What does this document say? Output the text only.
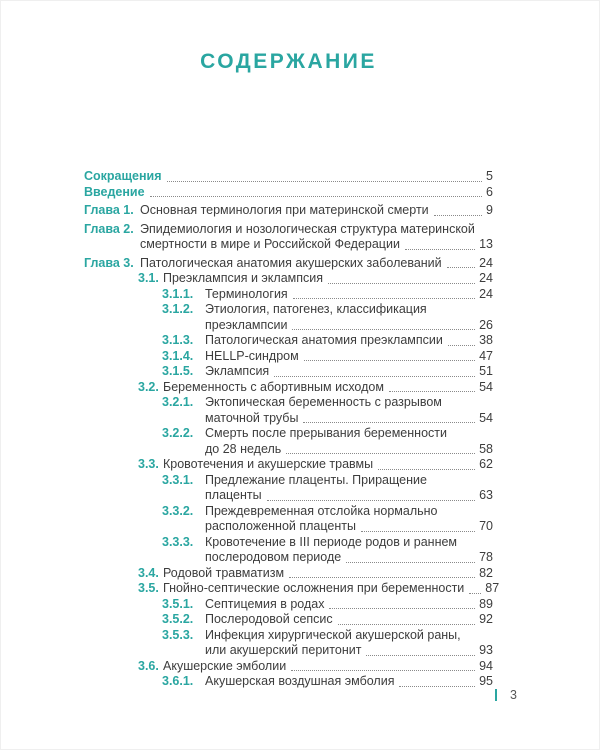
СОДЕРЖАНИЕ
Сокращения	5
Введение	6
Глава 1. Основная терминология при материнской смерти	9
Глава 2. Эпидемиология и нозологическая структура материнской
смертности в мире и Российской Федерации	13
Глава 3. Патологическая анатомия акушерских заболеваний	24
3.1. Преэклампсия и эклампсия	24
3.1.1. Терминология	24
3.1.2. Этиология, патогенез, классификация
преэклампсии	26
3.1.3. Патологическая анатомия преэклампсии	38
3.1.4. HELLP-синдром	47
3.1.5. Эклампсия	51
3.2. Беременность с абортивным исходом	54
3.2.1. Эктопическая беременность с разрывом
маточной трубы	54
3.2.2. Смерть после прерывания беременности
до 28 недель	58
3.3. Кровотечения и акушерские травмы	62
3.3.1. Предлежание плаценты. Приращение
плаценты	63
3.3.2. Преждевременная отслойка нормально
расположенной плаценты	70
3.3.3. Кровотечение в III периоде родов и раннем
послеродовом периоде	78
3.4. Родовой травматизм	82
3.5. Гнойно-септические осложнения при беременности 87
3.5.1. Септицемия в родах	89
3.5.2. Послеродовой сепсис	92
3.5.3. Инфекция хирургической акушерской раны,
или акушерский перитонит	93
3.6. Акушерские эмболии	94
3.6.1. Акушерская воздушная эмболия	95
3
